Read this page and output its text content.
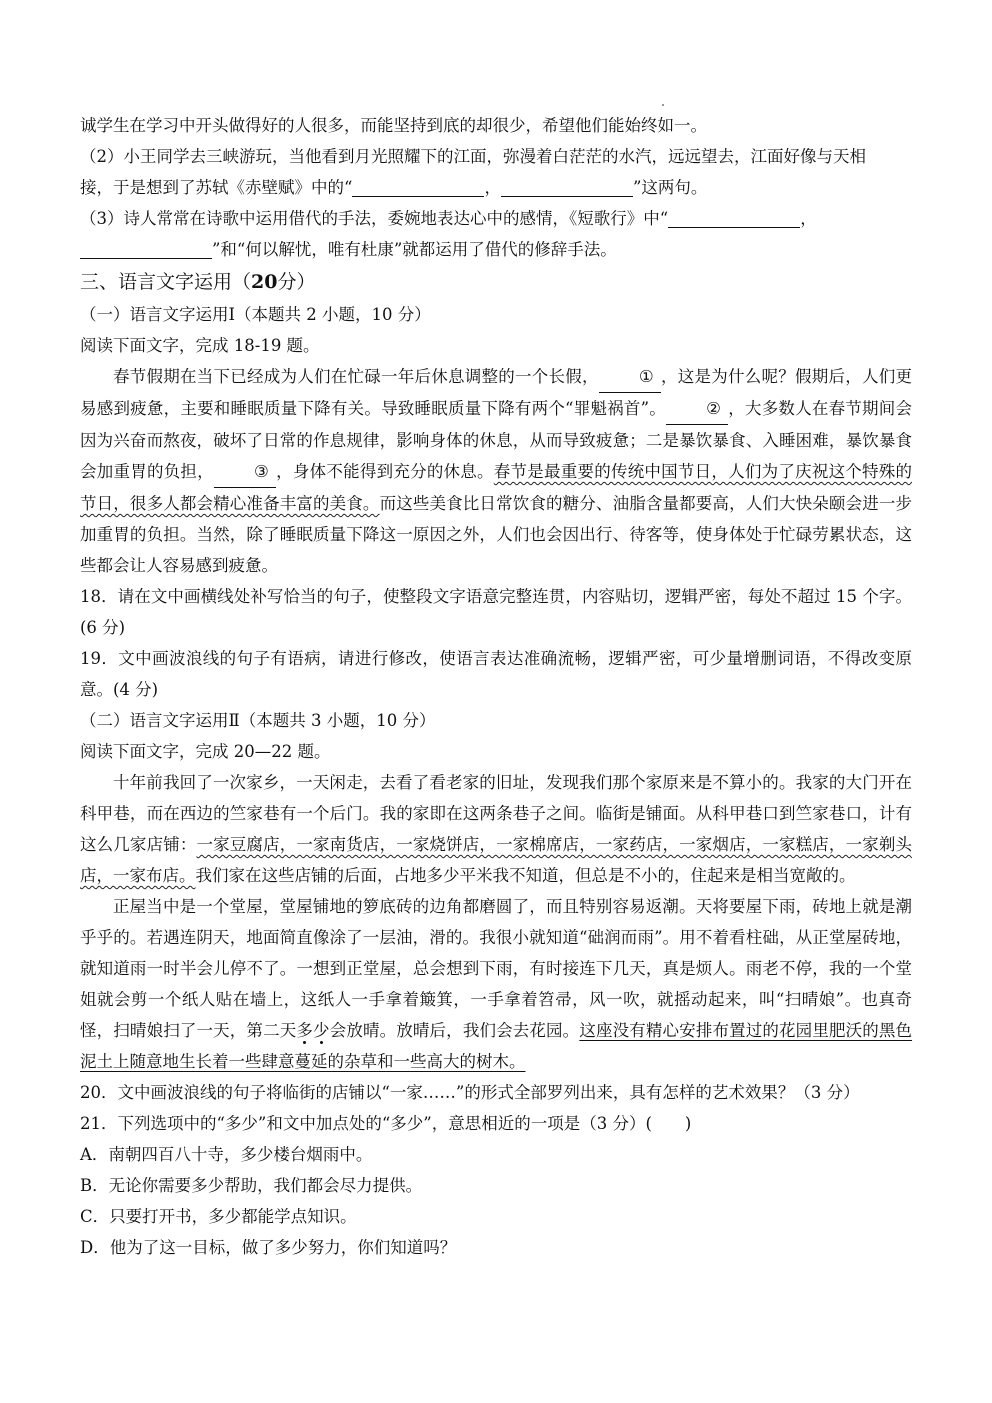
诚学生在学习中开头做得好的人很多，而能坚持到底的却很少，希望他们能始终如一。

（2）小王同学去三峡游玩，当他看到月光照耀下的江面，弥漫着白茫茫的水汽，远远望去，江面好像与天相

接，于是想到了苏轼《赤壁赋》中的“	，	”这两句。

（3）诗人常常在诗歌中运用借代的手法，委婉地表达心中的感情，《短歌行》中“	，

”和“何以解忧，唯有杜康”就都运用了借代的修辞手法。

三、语言文字运用（20分）

（一）语言文字运用Ⅰ（本题共 2 小题，10 分）

阅读下面文字，完成 18-19 题。

春节假期在当下已经成为人们在忙碌一年后休息调整的一个长假， ① ，这是为什么呢？假期后，人们更易感到疲惫，主要和睡眠质量下降有关。导致睡眠质量下降有两个“罪魁祸首”。 ② ，大多数人在春节期间会因为兴奋而熬夜，破坏了日常的作息规律，影响身体的休息，从而导致疲惫；二是暴饮暴食、入睡困难，暴饮暴食会加重胃的负担， ③ ，身体不能得到充分的休息。春节是最重要的传统中国节日，人们为了庆祝这个特殊的节日，很多人都会精心准备丰富的美食。而这些美食比日常饮食的糖分、油脂含量都要高，人们大快朵颐会进一步加重胃的负担。当然，除了睡眠质量下降这一原因之外，人们也会因出行、待客等，使身体处于忙碌劳累状态，这些都会让人容易感到疲惫。

18．请在文中画横线处补写恰当的句子，使整段文字语意完整连贯，内容贴切，逻辑严密，每处不超过 15 个字。(6 分)

19．文中画波浪线的句子有语病，请进行修改，使语言表达准确流畅，逻辑严密，可少量增删词语，不得改变原意。(4 分)

（二）语言文字运用Ⅱ（本题共 3 小题，10 分）

阅读下面文字，完成 20—22 题。

十年前我回了一次家乡，一天闲走，去看了看老家的旧址，发现我们那个家原来是不算小的。我家的大门开在科甲巷，而在西边的竺家巷有一个后门。我的家即在这两条巷子之间。临街是铺面。从科甲巷口到竺家巷口，计有这么几家店铺：一家豆腐店，一家南货店，一家烧饼店，一家棉席店，一家药店，一家烟店，一家糕店，一家剃头店，一家布店。我们家在这些店铺的后面，占地多少平米我不知道，但总是不小的，住起来是相当宽敞的。

正屋当中是一个堂屋，堂屋铺地的箩底砖的边角都磨圆了，而且特别容易返潮。天将要屋下雨，砖地上就是潮乎乎的。若遇连阴天，地面简直像涂了一层油，滑的。我很小就知道“础润而雨”。用不着看柱础，从正堂屋砖地，就知道雨一时半会儿停不了。一想到正堂屋，总会想到下雨，有时接连下几天，真是烦人。雨老不停，我的一个堂姐就会剪一个纸人贴在墙上，这纸人一手拿着簸箕，一手拿着笤帚，风一吹，就摇动起来，叫“扫晴娘”。也真奇怪，扫晴娘扫了一天，第二天多少会放晴。放晴后，我们会去花园。这座没有精心安排布置过的花园里肥沃的黑色泥土上随意地生长着一些肆意蔓延的杂草和一些高大的树木。

20．文中画波浪线的句子将临街的店铺以“一家……”的形式全部罗列出来，具有怎样的艺术效果？（3 分）

21．下列选项中的“多少”和文中加点处的“多少”，意思相近的一项是（3 分）(　　)

A．南朝四百八十寺，多少楼台烟雨中。

B．无论你需要多少帮助，我们都会尽力提供。

C．只要打开书，多少都能学点知识。

D．他为了这一目标，做了多少努力，你们知道吗？
